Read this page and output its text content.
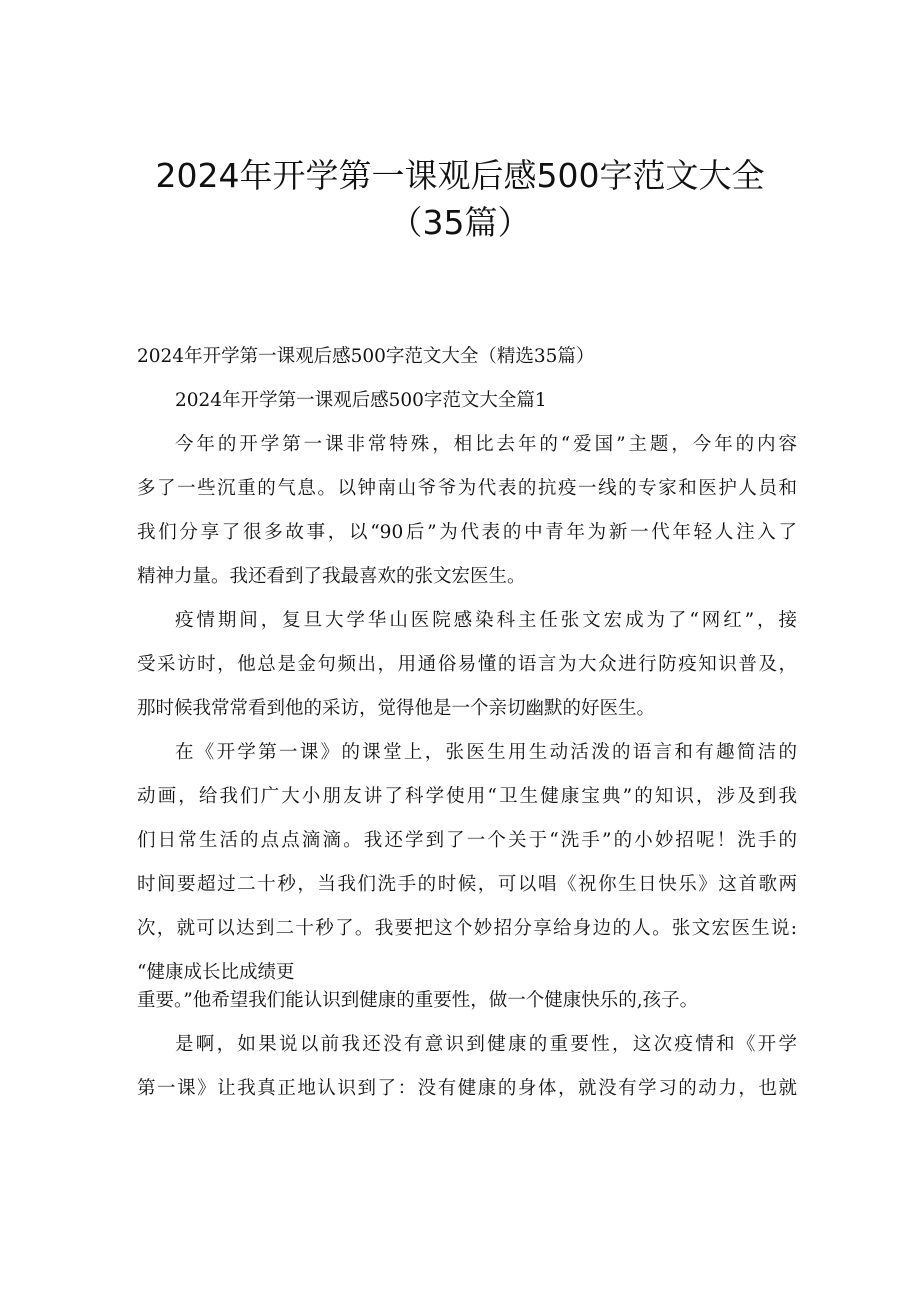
2024年开学第一课观后感500字范文大全
（35篇）

2024年开学第一课观后感500字范文大全（精选35篇）

2024年开学第一课观后感500字范文大全篇1

今年的开学第一课非常特殊，相比去年的“爱国”主题，今年的内容

多了一些沉重的气息。以钟南山爷爷为代表的抗疫一线的专家和医护人员和

我们分享了很多故事，以“90后”为代表的中青年为新一代年轻人注入了

精神力量。我还看到了我最喜欢的张文宏医生。

疫情期间，复旦大学华山医院感染科主任张文宏成为了“网红”，接

受采访时，他总是金句频出，用通俗易懂的语言为大众进行防疫知识普及，

那时候我常常看到他的采访，觉得他是一个亲切幽默的好医生。

在《开学第一课》的课堂上，张医生用生动活泼的语言和有趣简洁的

动画，给我们广大小朋友讲了科学使用“卫生健康宝典”的知识，涉及到我

们日常生活的点点滴滴。我还学到了一个关于“洗手”的小妙招呢！洗手的

时间要超过二十秒，当我们洗手的时候，可以唱《祝你生日快乐》这首歌两

次，就可以达到二十秒了。我要把这个妙招分享给身边的人。张文宏医生说:

“健康成长比成绩更

重要。”他希望我们能认识到健康的重要性，做一个健康快乐的,孩子。

是啊，如果说以前我还没有意识到健康的重要性，这次疫情和《开学

第一课》让我真正地认识到了：没有健康的身体，就没有学习的动力，也就
